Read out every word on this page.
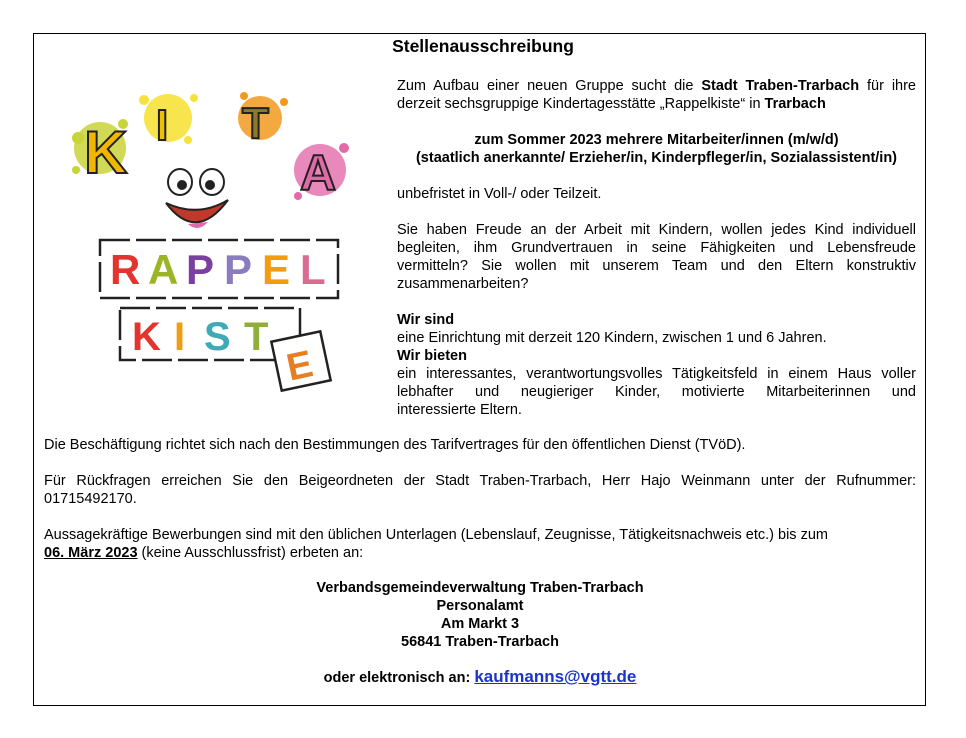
Stellenausschreibung
K I T
A
R A P P E L
K I S T
E
Zum Aufbau einer neuen Gruppe sucht die Stadt Traben-Trarbach für ihre
derzeit sechsgruppige Kindertagesstätte „Rappelkiste“ in Trarbach
zum Sommer 2023 mehrere Mitarbeiter/innen (m/w/d)
(staatlich anerkannte/ Erzieher/in, Kinderpfleger/in, Sozialassistent/in)
unbefristet in Voll-/ oder Teilzeit.
Sie haben Freude an der Arbeit mit Kindern, wollen jedes Kind individuell
begleiten, ihm Grundvertrauen in seine Fähigkeiten und Lebensfreude
vermitteln? Sie wollen mit unserem Team und den Eltern konstruktiv
zusammenarbeiten?
Wir sind
eine Einrichtung mit derzeit 120 Kindern, zwischen 1 und 6 Jahren.
Wir bieten
ein interessantes, verantwortungsvolles Tätigkeitsfeld in einem Haus voller
lebhafter und neugieriger Kinder, motivierte Mitarbeiterinnen und
interessierte Eltern.
Die Beschäftigung richtet sich nach den Bestimmungen des Tarifvertrages für den öffentlichen Dienst (TVöD).
Für Rückfragen erreichen Sie den Beigeordneten der Stadt Traben-Trarbach, Herr Hajo Weinmann unter der Rufnummer:
01715492170.
Aussagekräftige Bewerbungen sind mit den üblichen Unterlagen (Lebenslauf, Zeugnisse, Tätigkeitsnachweis etc.) bis zum
06. März 2023 (keine Ausschlussfrist) erbeten an:
Verbandsgemeindeverwaltung Traben-Trarbach
Personalamt
Am Markt 3
56841 Traben-Trarbach
oder elektronisch an: kaufmanns@vgtt.de
